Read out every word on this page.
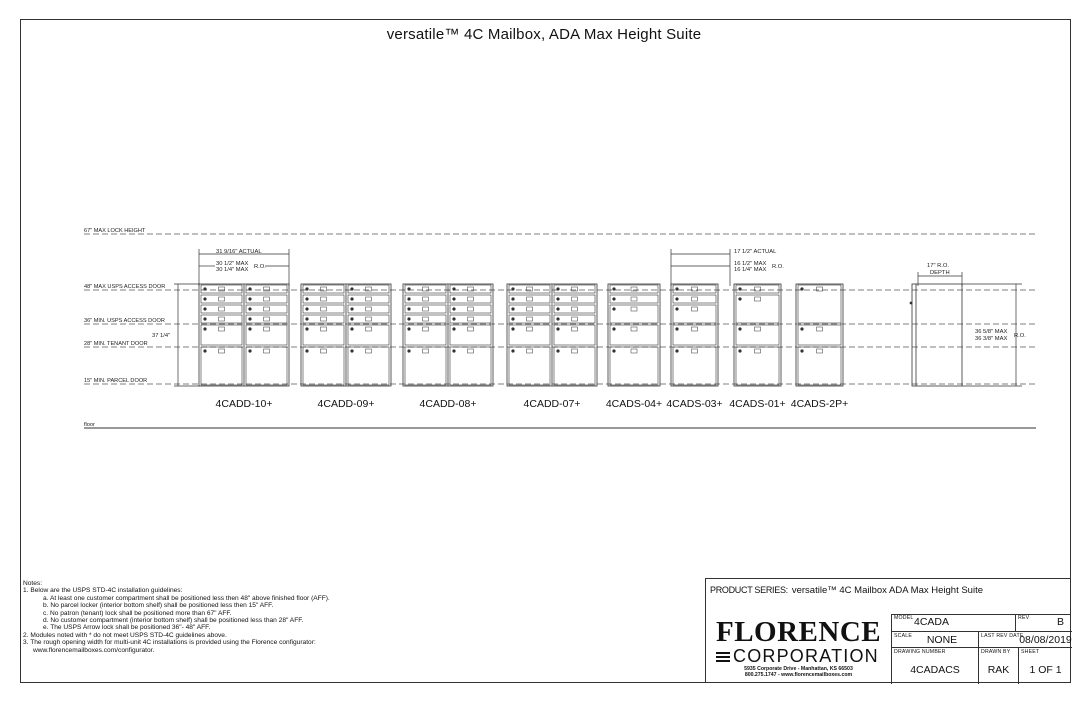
versatile™ 4C Mailbox, ADA Max Height Suite
67" MAX LOCK HEIGHT
48" MAX USPS ACCESS DOOR
36" MIN. USPS ACCESS DOOR
28" MIN. TENANT DOOR
15" MIN. PARCEL DOOR
floor
4CADD-10+	4CADD-09+	4CADD-08+	4CADD-07+ 4CADS-04+ 4CADS-03+ 4CADS-01+ 4CADS-2P+
31 9/16" ACTUAL
30 1/2" MAX
30 1/4" MAX R.O.
17 1/2" ACTUAL
16 1/2" MAX
16 1/4" MAX R.O.	17" R.O.
DEPTH
37 1/4"
36 5/8" MAX
36 3/8" MAX R.O.
Notes:
1. Below are the USPS STD-4C installation guidelines:
a. At least one customer compartment shall be positioned less then 48" above finished floor (AFF).
b. No parcel locker (interior bottom shelf) shall be positioned less then 15" AFF.
c. No patron (tenant) lock shall be positioned more than 67" AFF.
d. No customer compartment (interior bottom shelf) shall be positioned less than 28" AFF.
e. The USPS Arrow lock shall be positioned 36"- 48" AFF.
2. Modules noted with * do not meet USPS STD-4C guidelines above.
3. The rough opening width for multi-unit 4C installations is provided using the Florence configurator:
www.florencemailboxes.com/configurator.
PRODUCT SERIES: versatile™ 4C Mailbox ADA Max Height Suite
FLORENCE
CORPORATION
5935 Corporate Drive - Manhattan, KS 66503
800.275.1747 - www.florencemailboxes.com
MODEL 4CADA	REV	B
SCALE	NONE	LAST REV DATE
08/08/2019
DRAWING NUMBER
4CADACS
DRAWN BY
RAK
SHEET
1 OF 1
